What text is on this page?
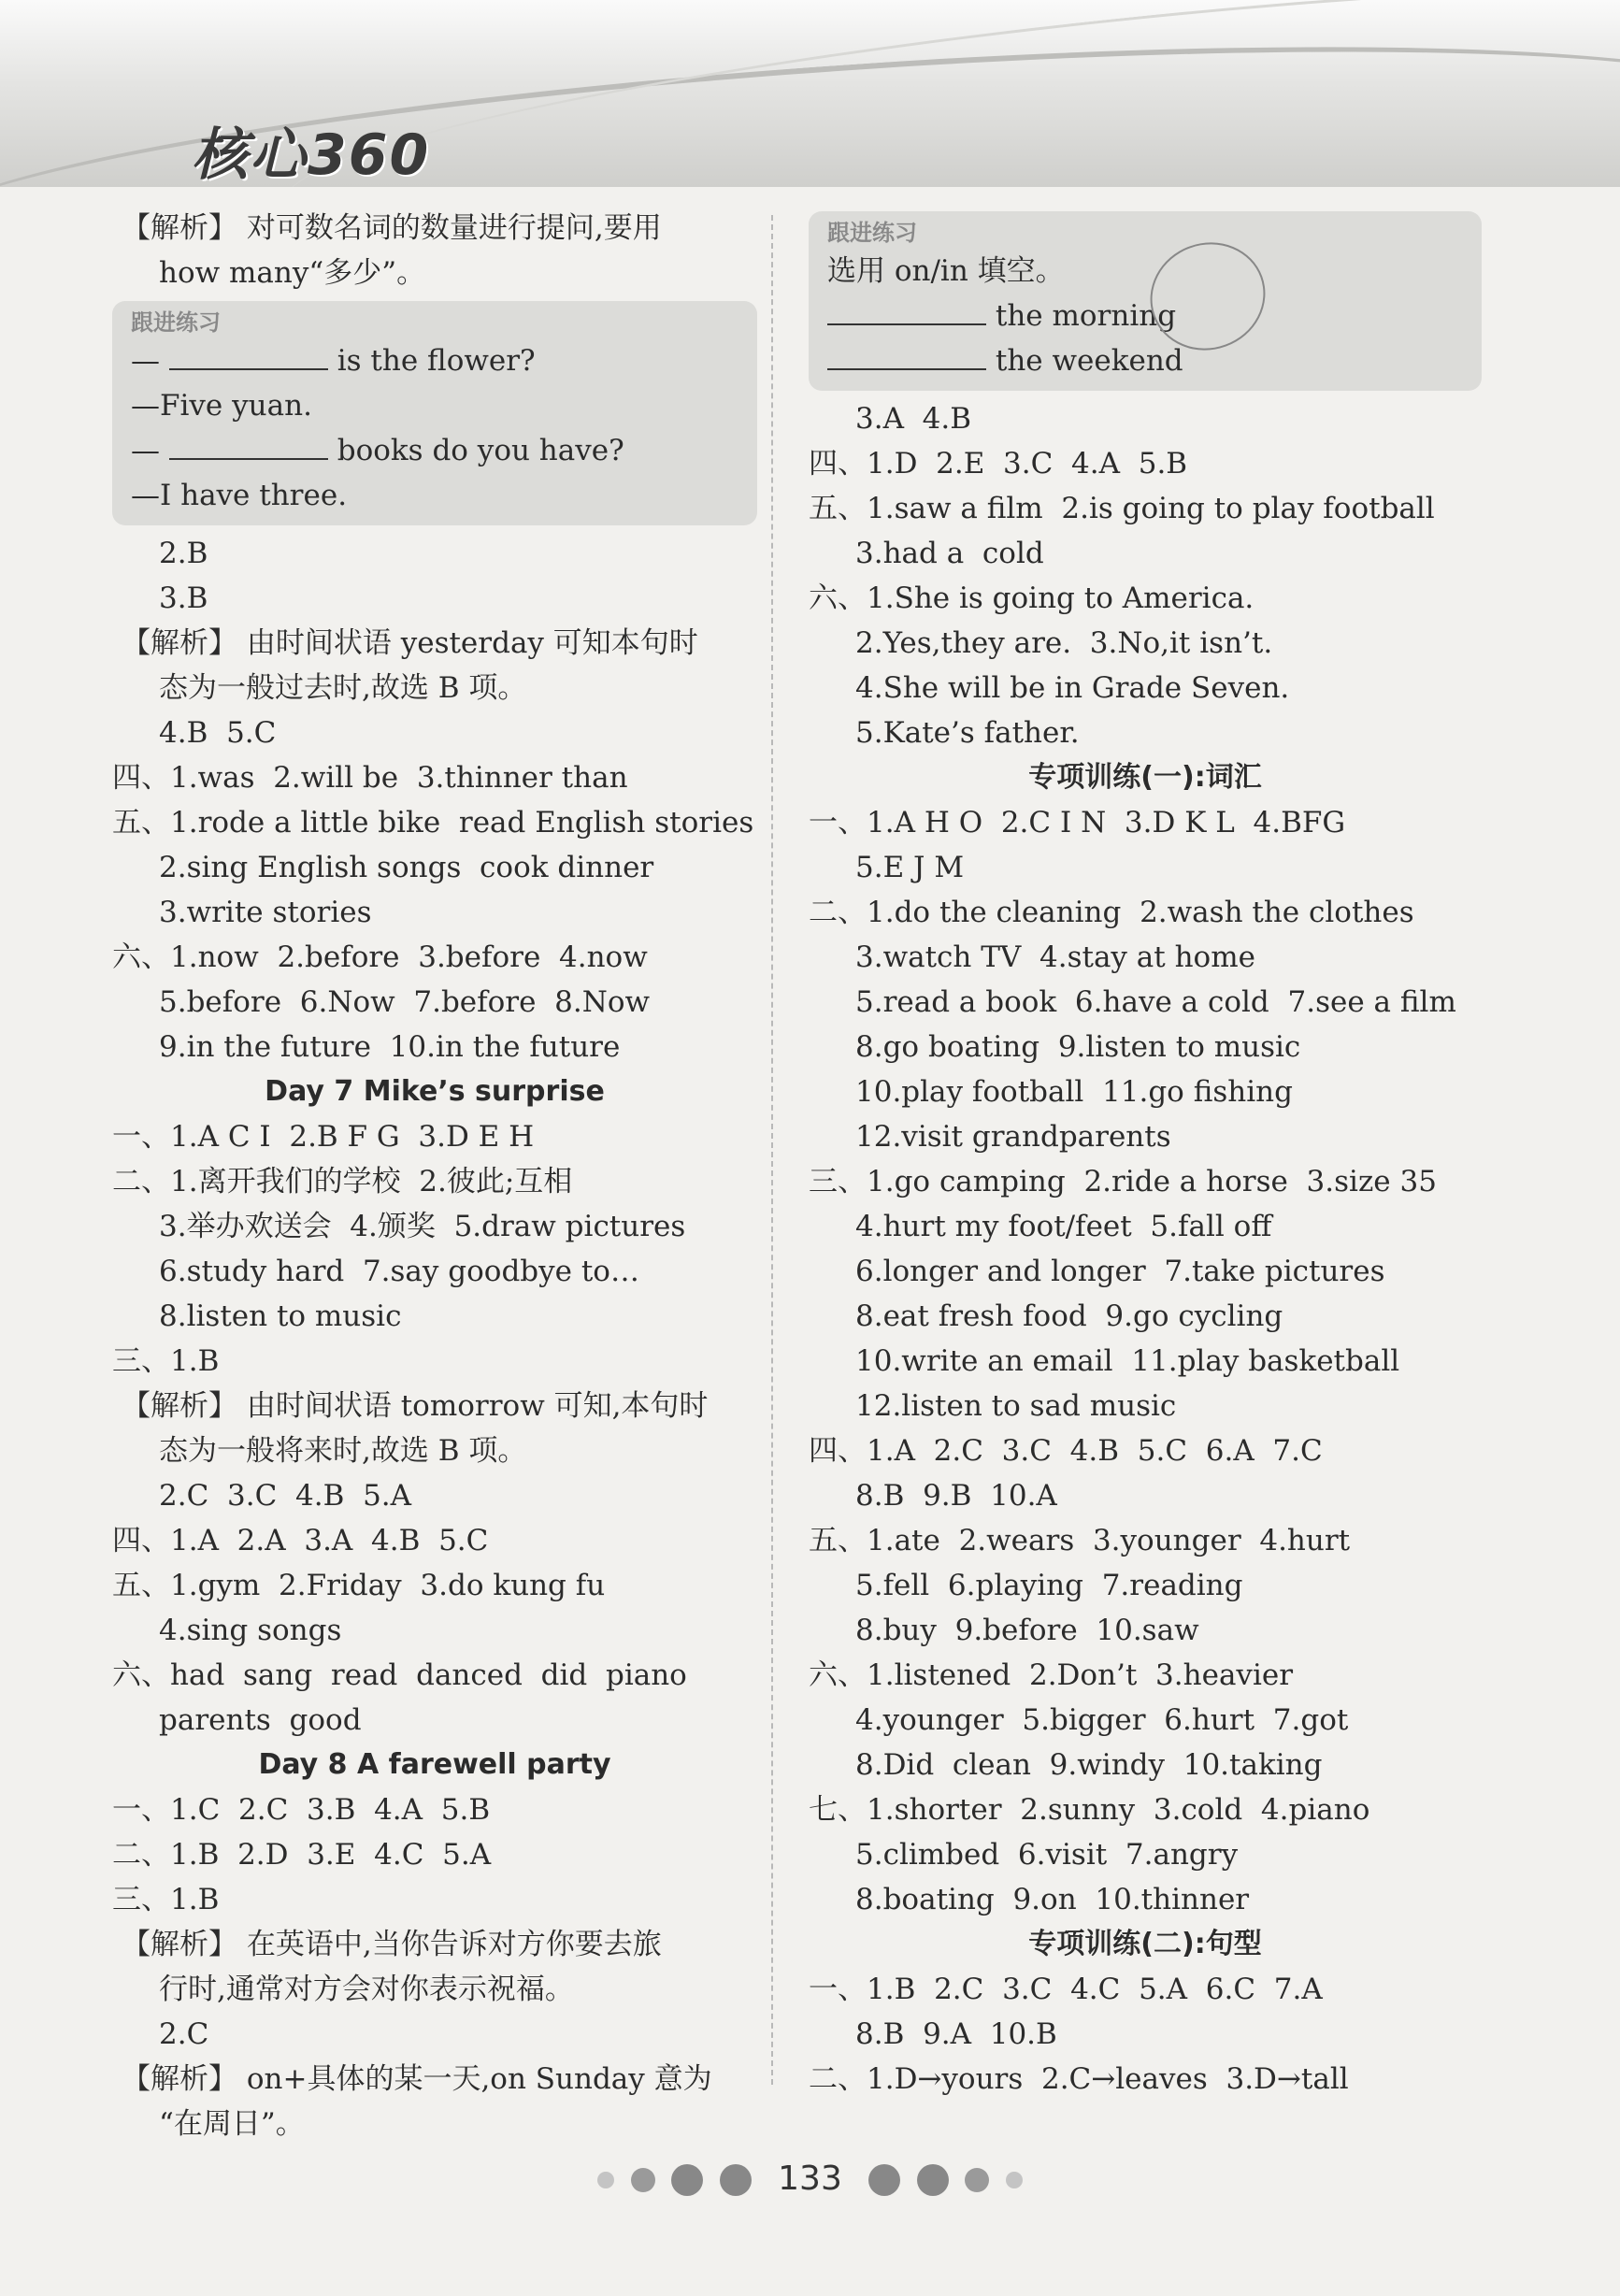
核心360
【解析】 对可数名词的数量进行提问,要用
how many“多少”。
跟进练习
—	is the flower?
—Five yuan.
—	books do you have?
—I have three.
2.B
3.B
【解析】 由时间状语 yesterday 可知本句时
态为一般过去时,故选 B 项。
4.B  5.C
四、1.was  2.will be  3.thinner than
五、1.rode a little bike  read English stories
2.sing English songs  cook dinner
3.write stories
六、1.now  2.before  3.before  4.now
5.before  6.Now  7.before  8.Now
9.in the future  10.in the future
Day 7 Mike’s surprise
一、1.A C I  2.B F G  3.D E H
二、1.离开我们的学校  2.彼此;互相
3.举办欢送会  4.颁奖  5.draw pictures
6.study hard  7.say goodbye to…
8.listen to music
三、1.B
【解析】 由时间状语 tomorrow 可知,本句时
态为一般将来时,故选 B 项。
2.C  3.C  4.B  5.A
四、1.A  2.A  3.A  4.B  5.C
五、1.gym  2.Friday  3.do kung fu
4.sing songs
六、had  sang  read  danced  did  piano
parents  good
Day 8 A farewell party
一、1.C  2.C  3.B  4.A  5.B
二、1.B  2.D  3.E  4.C  5.A
三、1.B
【解析】 在英语中,当你告诉对方你要去旅
行时,通常对方会对你表示祝福。
2.C
【解析】 on+具体的某一天,on Sunday 意为
“在周日”。
跟进练习
选用 on/in 填空。
the morning
the weekend
3.A  4.B
四、1.D  2.E  3.C  4.A  5.B
五、1.saw a film  2.is going to play football
3.had a  cold
六、1.She is going to America.
2.Yes,they are.  3.No,it isn’t.
4.She will be in Grade Seven.
5.Kate’s father.
专项训练(一):词汇
一、1.A H O  2.C I N  3.D K L  4.BFG
5.E J M
二、1.do the cleaning  2.wash the clothes
3.watch TV  4.stay at home
5.read a book  6.have a cold  7.see a film
8.go boating  9.listen to music
10.play football  11.go fishing
12.visit grandparents
三、1.go camping  2.ride a horse  3.size 35
4.hurt my foot/feet  5.fall off
6.longer and longer  7.take pictures
8.eat fresh food  9.go cycling
10.write an email  11.play basketball
12.listen to sad music
四、1.A  2.C  3.C  4.B  5.C  6.A  7.C
8.B  9.B  10.A
五、1.ate  2.wears  3.younger  4.hurt
5.fell  6.playing  7.reading
8.buy  9.before  10.saw
六、1.listened  2.Don’t  3.heavier
4.younger  5.bigger  6.hurt  7.got
8.Did  clean  9.windy  10.taking
七、1.shorter  2.sunny  3.cold  4.piano
5.climbed  6.visit  7.angry
8.boating  9.on  10.thinner
专项训练(二):句型
一、1.B  2.C  3.C  4.C  5.A  6.C  7.A
8.B  9.A  10.B
二、1.D→yours  2.C→leaves  3.D→tall
133
